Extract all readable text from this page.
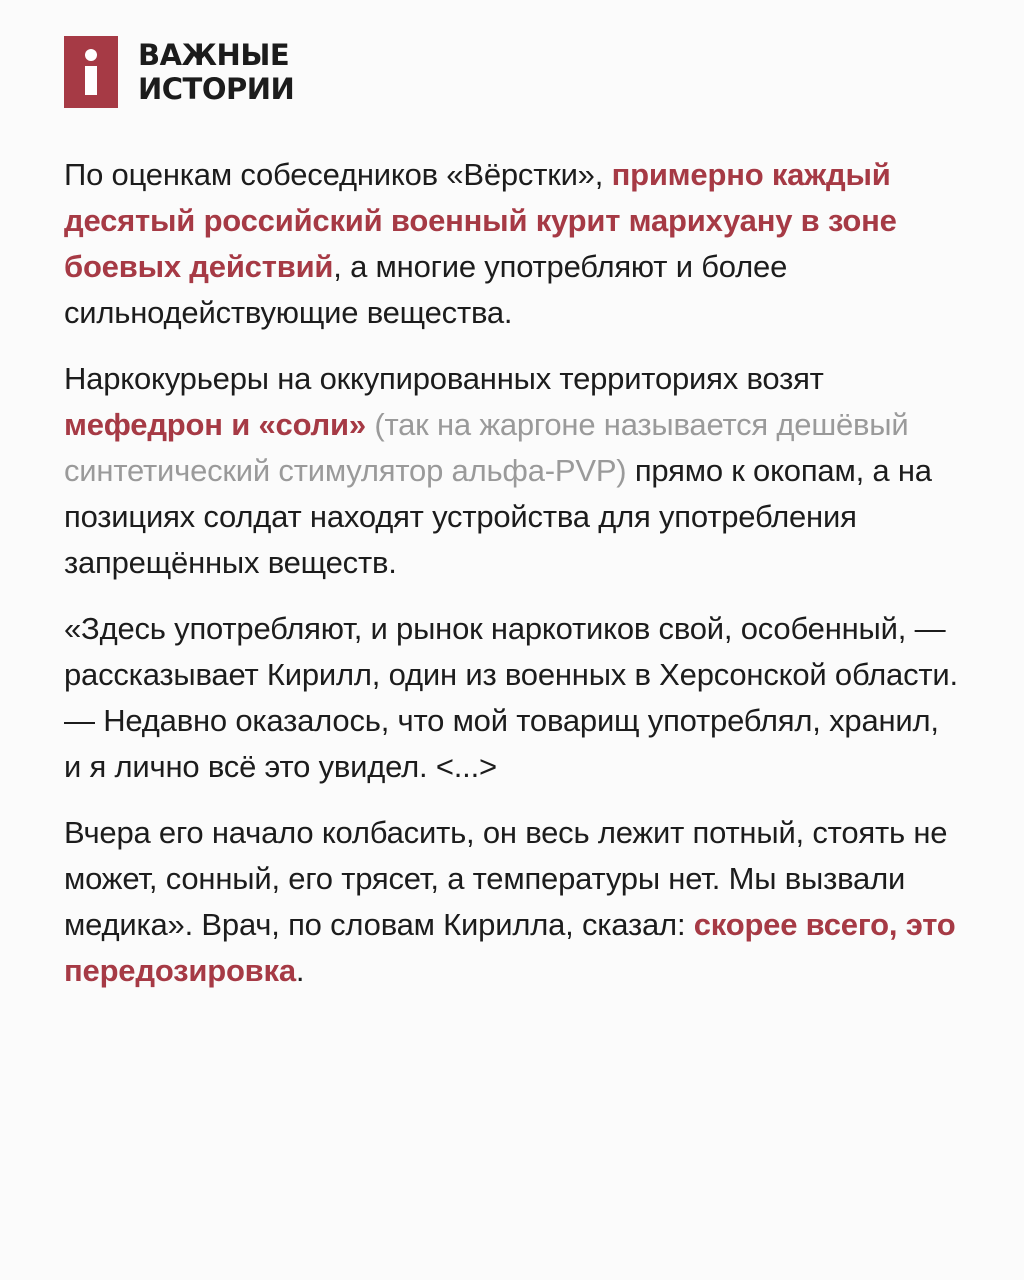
ВАЖНЫЕ
ИСТОРИИ

По оценкам собеседников «Вёрстки», примерно каждый десятый российский военный курит марихуану в зоне боевых действий, а многие употребляют и более сильнодействующие вещества.

Наркокурьеры на оккупированных территориях возят мефедрон и «соли» (так на жаргоне называется дешёвый синтетический стимулятор альфа-PVP) прямо к окопам, а на позициях солдат находят устройства для употребления запрещённых веществ.

«Здесь употребляют, и рынок наркотиков свой, особенный, — рассказывает Кирилл, один из военных в Херсонской области. — Недавно оказалось, что мой товарищ употреблял, хранил, и я лично всё это увидел. <...>

Вчера его начало колбасить, он весь лежит потный, стоять не может, сонный, его трясет, а температуры нет. Мы вызвали медика». Врач, по словам Кирилла, сказал: скорее всего, это передозировка.
